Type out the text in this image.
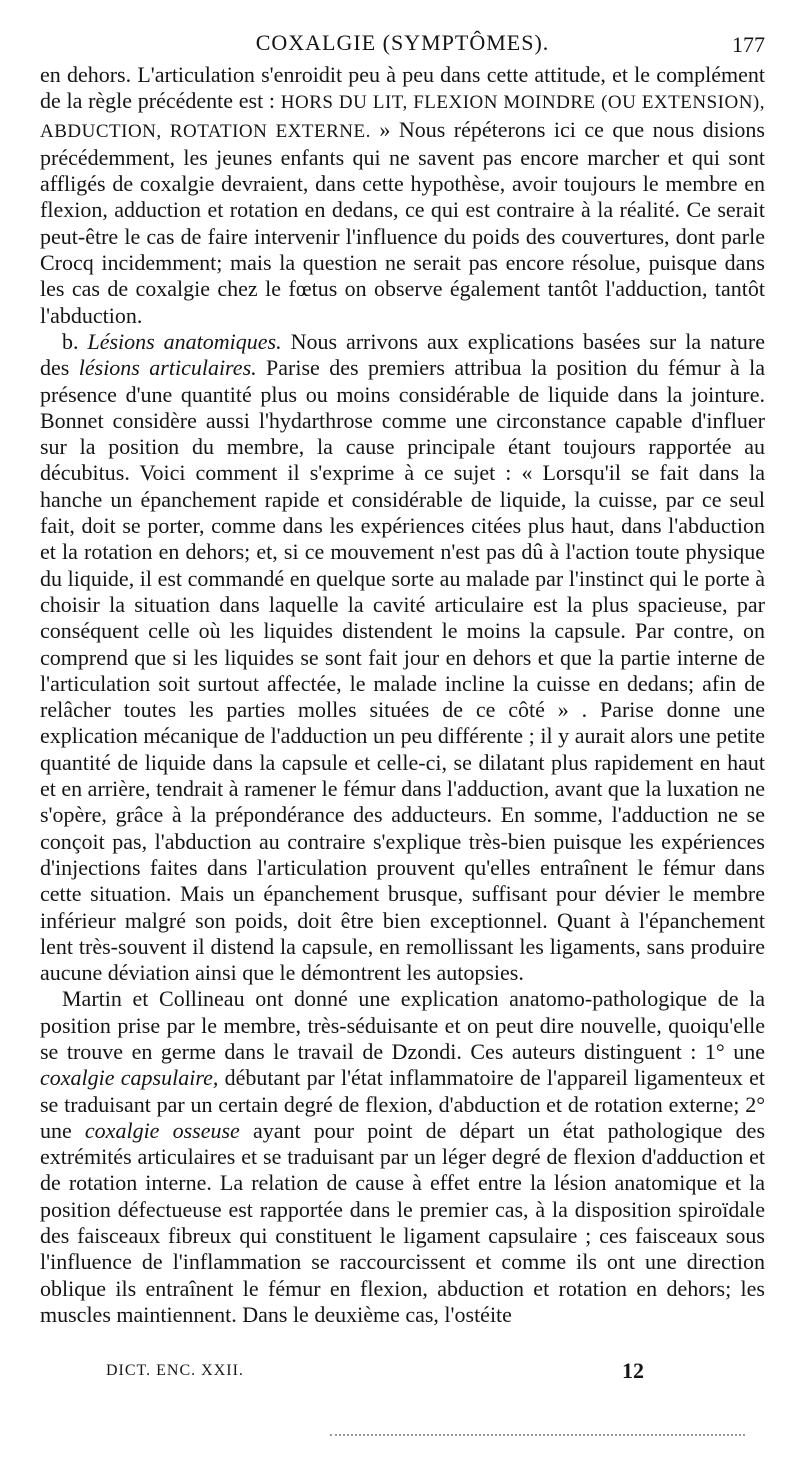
COXALGIE (SYMPTÔMES).	177

en dehors. L'articulation s'enroidit peu à peu dans cette attitude, et le complément de la règle précédente est : HORS DU LIT, FLEXION MOINDRE (OU EXTENSION), ABDUCTION, ROTATION EXTERNE. » Nous répéterons ici ce que nous disions précédemment, les jeunes enfants qui ne savent pas encore marcher et qui sont affligés de coxalgie devraient, dans cette hypothèse, avoir toujours le membre en flexion, adduction et rotation en dedans, ce qui est contraire à la réalité. Ce serait peut-être le cas de faire intervenir l'influence du poids des couvertures, dont parle Crocq incidemment; mais la question ne serait pas encore résolue, puisque dans les cas de coxalgie chez le fœtus on observe également tantôt l'adduction, tantôt l'abduction.

b. Lésions anatomiques. Nous arrivons aux explications basées sur la nature des lésions articulaires. Parise des premiers attribua la position du fémur à la présence d'une quantité plus ou moins considérable de liquide dans la jointure. Bonnet considère aussi l'hydarthrose comme une circonstance capable d'influer sur la position du membre, la cause principale étant toujours rapportée au décubitus. Voici comment il s'exprime à ce sujet : « Lorsqu'il se fait dans la hanche un épanchement rapide et considérable de liquide, la cuisse, par ce seul fait, doit se porter, comme dans les expériences citées plus haut, dans l'abduction et la rotation en dehors; et, si ce mouvement n'est pas dû à l'action toute physique du liquide, il est commandé en quelque sorte au malade par l'instinct qui le porte à choisir la situation dans laquelle la cavité articulaire est la plus spacieuse, par conséquent celle où les liquides distendent le moins la capsule. Par contre, on comprend que si les liquides se sont fait jour en dehors et que la partie interne de l'articulation soit surtout affectée, le malade incline la cuisse en dedans; afin de relâcher toutes les parties molles situées de ce côté » . Parise donne une explication mécanique de l'adduction un peu différente ; il y aurait alors une petite quantité de liquide dans la capsule et celle-ci, se dilatant plus rapidement en haut et en arrière, tendrait à ramener le fémur dans l'adduction, avant que la luxation ne s'opère, grâce à la prépondérance des adducteurs. En somme, l'adduction ne se conçoit pas, l'abduction au contraire s'explique très-bien puisque les expériences d'injections faites dans l'articulation prouvent qu'elles entraînent le fémur dans cette situation. Mais un épanchement brusque, suffisant pour dévier le membre inférieur malgré son poids, doit être bien exceptionnel. Quant à l'épanchement lent très-souvent il distend la capsule, en remollissant les ligaments, sans produire aucune déviation ainsi que le démontrent les autopsies.

Martin et Collineau ont donné une explication anatomo-pathologique de la position prise par le membre, très-séduisante et on peut dire nouvelle, quoiqu'elle se trouve en germe dans le travail de Dzondi. Ces auteurs distinguent : 1° une coxalgie capsulaire, débutant par l'état inflammatoire de l'appareil ligamenteux et se traduisant par un certain degré de flexion, d'abduction et de rotation externe; 2° une coxalgie osseuse ayant pour point de départ un état pathologique des extrémités articulaires et se traduisant par un léger degré de flexion d'adduction et de rotation interne. La relation de cause à effet entre la lésion anatomique et la position défectueuse est rapportée dans le premier cas, à la disposition spiroïdale des faisceaux fibreux qui constituent le ligament capsulaire ; ces faisceaux sous l'influence de l'inflammation se raccourcissent et comme ils ont une direction oblique ils entraînent le fémur en flexion, abduction et rotation en dehors; les muscles maintiennent. Dans le deuxième cas, l'ostéite

DICT. ENC. XXII.	12
